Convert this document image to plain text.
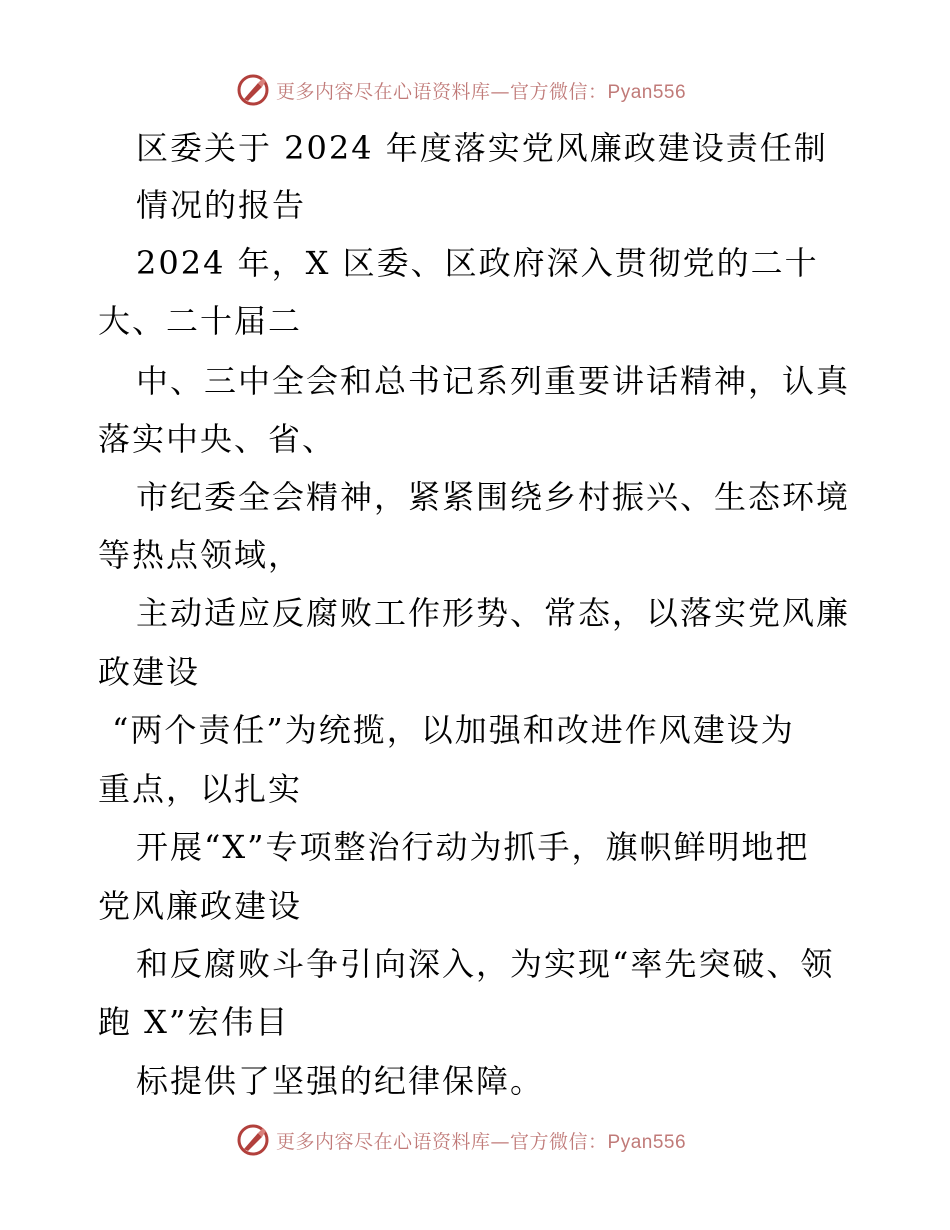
更多内容尽在心语资料库—官方微信：Pyan556
区委关于 2024 年度落实党风廉政建设责任制
情况的报告
2024 年，X 区委、区政府深入贯彻党的二十
大、二十届二
中、三中全会和总书记系列重要讲话精神，认真
落实中央、省、
市纪委全会精神，紧紧围绕乡村振兴、生态环境
等热点领域，
主动适应反腐败工作形势、常态，以落实党风廉
政建设
“两个责任”为统揽，以加强和改进作风建设为
重点，以扎实
开展“X”专项整治行动为抓手，旗帜鲜明地把
党风廉政建设
和反腐败斗争引向深入，为实现“率先突破、领
跑 X”宏伟目
标提供了坚强的纪律保障。
更多内容尽在心语资料库—官方微信：Pyan556
